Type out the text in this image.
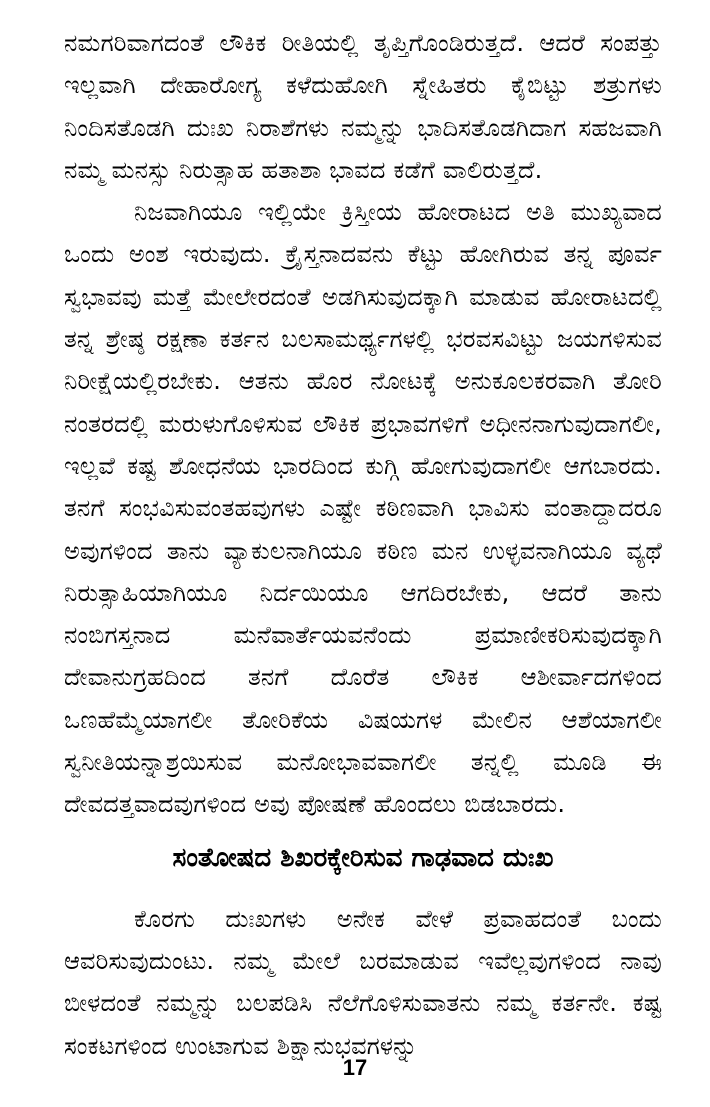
ನಮಗರಿವಾಗದಂತೆ ಲೌಕಿಕ ರೀತಿಯಲ್ಲಿ ತೃಪ್ತಿಗೊಂಡಿರುತ್ತದೆ. ಆದರೆ ಸಂಪತ್ತು ಇಲ್ಲವಾಗಿ ದೇಹಾರೋಗ್ಯ ಕಳೆದುಹೋಗಿ ಸ್ನೇಹಿತರು ಕೈಬಿಟ್ಟು ಶತ್ರುಗಳು ನಿಂದಿಸತೊಡಗಿ ದುಃಖ ನಿರಾಶೆಗಳು ನಮ್ಮನ್ನು ಭಾದಿಸತೊಡಗಿದಾಗ ಸಹಜವಾಗಿ ನಮ್ಮ ಮನಸ್ಸು ನಿರುತ್ಸಾಹ ಹತಾಶಾ ಭಾವದ ಕಡೆಗೆ ವಾಲಿರುತ್ತದೆ.

ನಿಜವಾಗಿಯೂ ಇಲ್ಲಿಯೇ ಕ್ರಿಸ್ತೀಯ ಹೋರಾಟದ ಅತಿ ಮುಖ್ಯವಾದ ಒಂದು ಅಂಶ ಇರುವುದು. ಕ್ರೈಸ್ತನಾದವನು ಕೆಟ್ಟು ಹೋಗಿರುವ ತನ್ನ ಪೂರ್ವ ಸ್ವಭಾವವು ಮತ್ತೆ ಮೇಲೇರದಂತೆ ಅಡಗಿಸುವುದಕ್ಕಾಗಿ ಮಾಡುವ ಹೋರಾಟದಲ್ಲಿ ತನ್ನ ಶ್ರೇಷ್ಠ ರಕ್ಷಣಾ ಕರ್ತನ ಬಲಸಾಮರ್ಥ್ಯಗಳಲ್ಲಿ ಭರವಸವಿಟ್ಟು ಜಯಗಳಿಸುವ ನಿರೀಕ್ಷೆಯಲ್ಲಿರಬೇಕು. ಆತನು ಹೊರ ನೋಟಕ್ಕೆ ಅನುಕೂಲಕರವಾಗಿ ತೋರಿ ನಂತರದಲ್ಲಿ ಮರುಳುಗೊಳಿಸುವ ಲೌಕಿಕ ಪ್ರಭಾವಗಳಿಗೆ ಅಧೀನನಾಗುವುದಾಗಲೀ, ಇಲ್ಲವೆ ಕಷ್ಟ ಶೋಧನೆಯ ಭಾರದಿಂದ ಕುಗ್ಗಿ ಹೋಗುವುದಾಗಲೀ ಆಗಬಾರದು. ತನಗೆ ಸಂಭವಿಸುವಂತಹವುಗಳು ಎಷ್ಟೇ ಕಠಿಣವಾಗಿ ಭಾವಿಸು ವಂತಾದ್ದಾದರೂ ಅವುಗಳಿಂದ ತಾನು ವ್ಯಾಕುಲನಾಗಿಯೂ ಕಠಿಣ ಮನ ಉಳ್ಳವನಾಗಿಯೂ ವ್ಯಥೆ ನಿರುತ್ಸಾಹಿಯಾಗಿಯೂ ನಿರ್ದಯಿಯೂ ಆಗದಿರಬೇಕು, ಆದರೆ ತಾನು ನಂಬಿಗಸ್ತನಾದ ಮನೆವಾರ್ತೆಯವನೆಂದು ಪ್ರಮಾಣೀಕರಿಸುವುದಕ್ಕಾಗಿ ದೇವಾನುಗ್ರಹದಿಂದ ತನಗೆ ದೊರೆತ ಲೌಕಿಕ ಆಶೀರ್ವಾದಗಳಿಂದ ಒಣಹೆಮ್ಮೆಯಾಗಲೀ ತೋರಿಕೆಯ ವಿಷಯಗಳ ಮೇಲಿನ ಆಶೆಯಾಗಲೀ ಸ್ವನೀತಿಯನ್ನಾಶ್ರಯಿಸುವ ಮನೋಭಾವವಾಗಲೀ ತನ್ನಲ್ಲಿ ಮೂಡಿ ಈ ದೇವದತ್ತವಾದವುಗಳಿಂದ ಅವು ಪೋಷಣೆ ಹೊಂದಲು ಬಿಡಬಾರದು.

ಸಂತೋಷದ ಶಿಖರಕ್ಕೇರಿಸುವ ಗಾಢವಾದ ದುಃಖ

ಕೊರಗು ದುಃಖಗಳು ಅನೇಕ ವೇಳೆ ಪ್ರವಾಹದಂತೆ ಬಂದು ಆವರಿಸುವುದುಂಟು. ನಮ್ಮ ಮೇಲೆ ಬರಮಾಡುವ ಇವೆಲ್ಲವುಗಳಿಂದ ನಾವು ಬೀಳದಂತೆ ನಮ್ಮನ್ನು ಬಲಪಡಿಸಿ ನೆಲೆಗೊಳಿಸುವಾತನು ನಮ್ಮ ಕರ್ತನೇ. ಕಷ್ಟ ಸಂಕಟಗಳಿಂದ ಉಂಟಾಗುವ ಶಿಕ್ಷಾನುಭವಗಳನ್ನು

17
